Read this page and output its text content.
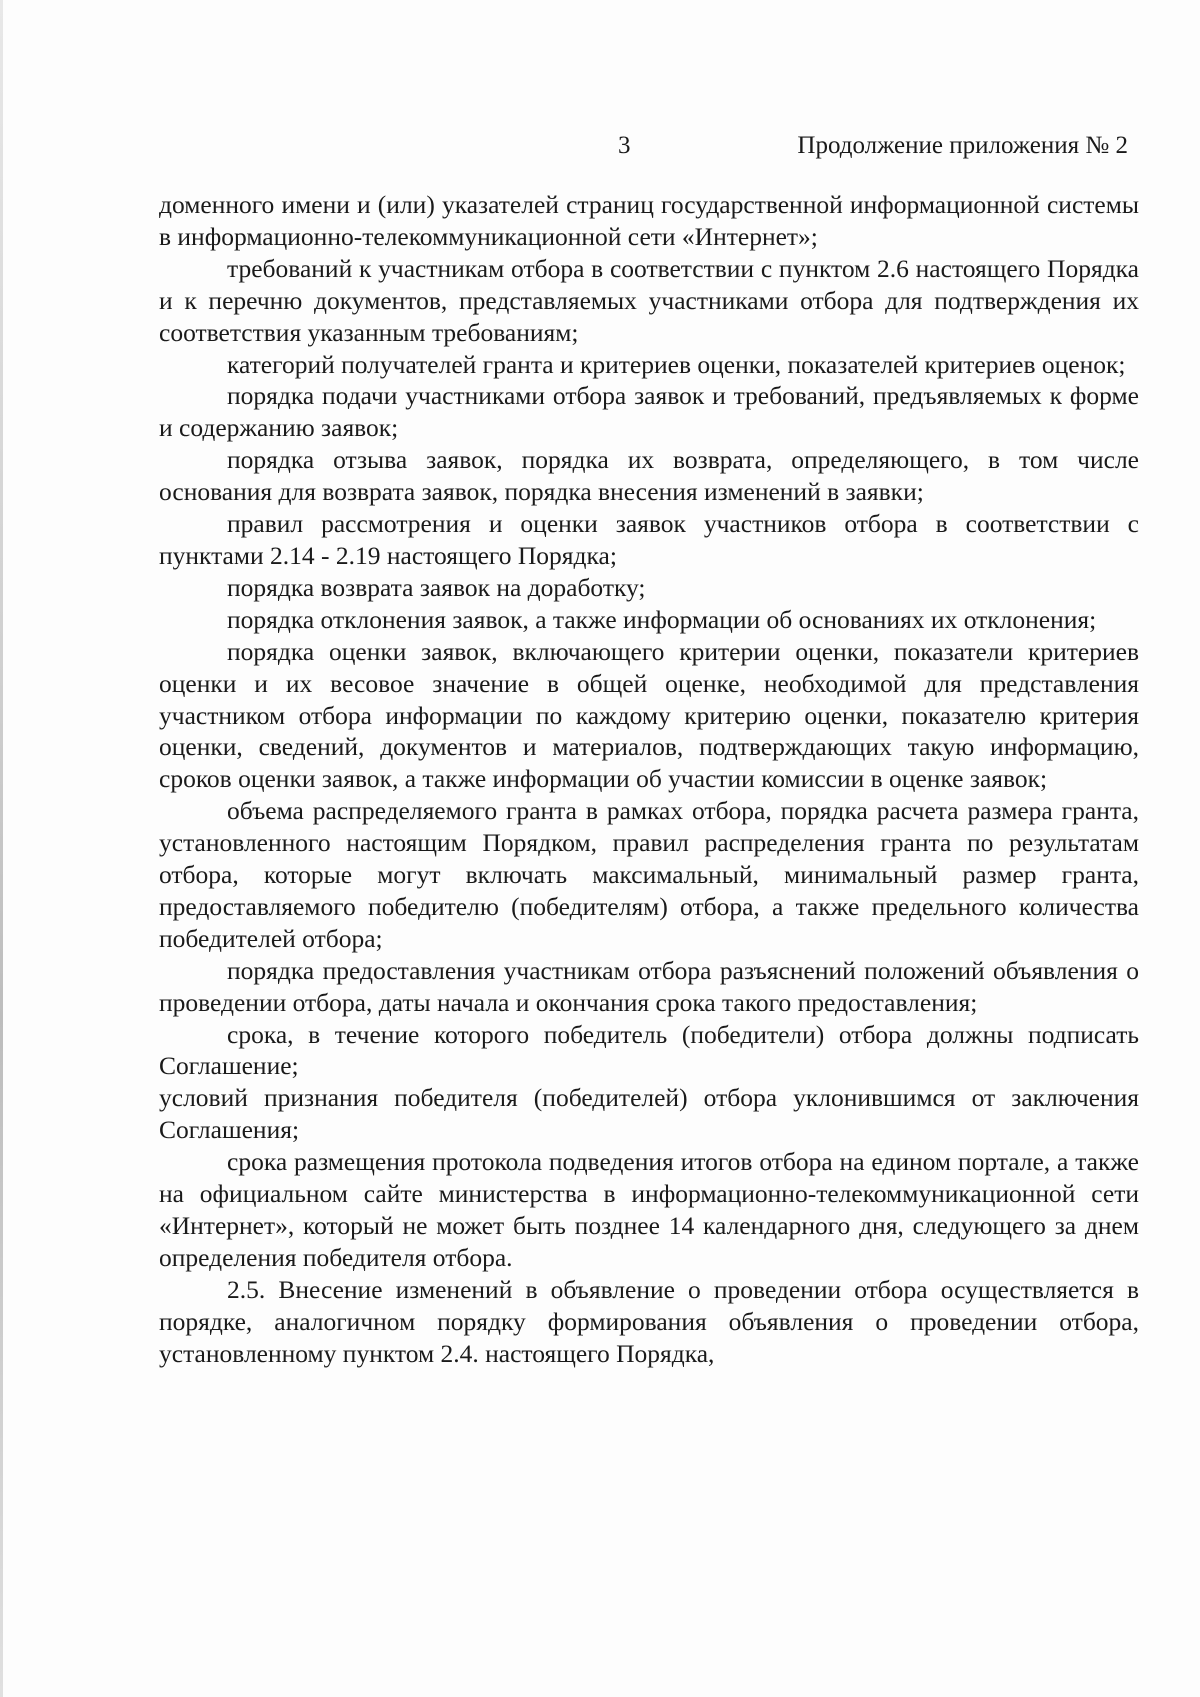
3	Продолжение приложения № 2

доменного имени и (или) указателей страниц государственной информационной системы в информационно-телекоммуникационной сети «Интернет»;

требований к участникам отбора в соответствии с пунктом 2.6 настоящего Порядка и к перечню документов, представляемых участниками отбора для подтверждения их соответствия указанным требованиям;

категорий получателей гранта и критериев оценки, показателей критериев оценок;

порядка подачи участниками отбора заявок и требований, предъявляемых к форме и содержанию заявок;

порядка отзыва заявок, порядка их возврата, определяющего, в том числе основания для возврата заявок, порядка внесения изменений в заявки;

правил рассмотрения и оценки заявок участников отбора в соответствии с пунктами 2.14 - 2.19 настоящего Порядка;

порядка возврата заявок на доработку;

порядка отклонения заявок, а также информации об основаниях их отклонения;

порядка оценки заявок, включающего критерии оценки, показатели критериев оценки и их весовое значение в общей оценке, необходимой для представления участником отбора информации по каждому критерию оценки, показателю критерия оценки, сведений, документов и материалов, подтверждающих такую информацию, сроков оценки заявок, а также информации об участии комиссии в оценке заявок;

объема распределяемого гранта в рамках отбора, порядка расчета размера гранта, установленного настоящим Порядком, правил распределения гранта по результатам отбора, которые могут включать максимальный, минимальный размер гранта, предоставляемого победителю (победителям) отбора, а также предельного количества победителей отбора;

порядка предоставления участникам отбора разъяснений положений объявления о проведении отбора, даты начала и окончания срока такого предоставления;

срока, в течение которого победитель (победители) отбора должны подписать Соглашение;

условий признания победителя (победителей) отбора уклонившимся от заключения Соглашения;

срока размещения протокола подведения итогов отбора на едином портале, а также на официальном сайте министерства в информационно-телекоммуникационной сети «Интернет», который не может быть позднее 14 календарного дня, следующего за днем определения победителя отбора.

2.5. Внесение изменений в объявление о проведении отбора осуществляется в порядке, аналогичном порядку формирования объявления о проведении отбора, установленному пунктом 2.4. настоящего Порядка,
